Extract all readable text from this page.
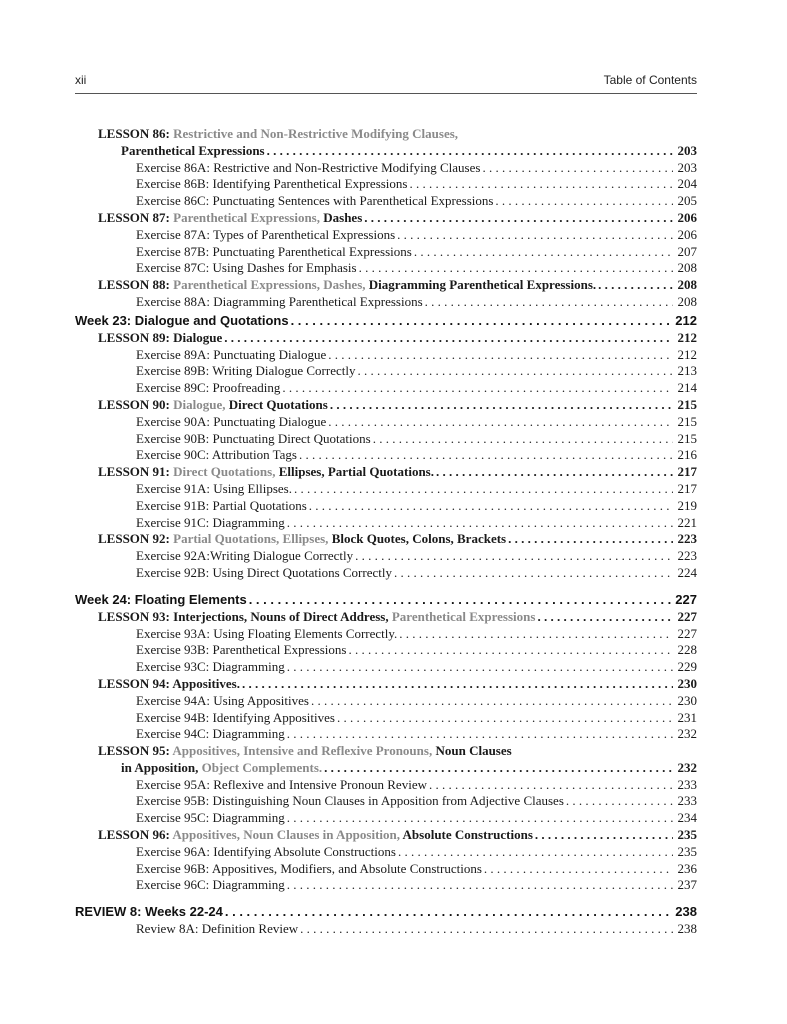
xii	Table of Contents
LESSON 86: Restrictive and Non-Restrictive Modifying Clauses,
Parenthetical Expressions . . .	203
Exercise 86A: Restrictive and Non-Restrictive Modifying Clauses . . .	203
Exercise 86B: Identifying Parenthetical Expressions . . .	204
Exercise 86C: Punctuating Sentences with Parenthetical Expressions . . .	205
LESSON 87: Parenthetical Expressions, Dashes . . .	206
Exercise 87A: Types of Parenthetical Expressions . . .	206
Exercise 87B: Punctuating Parenthetical Expressions . . .	207
Exercise 87C: Using Dashes for Emphasis . . .	208
LESSON 88: Parenthetical Expressions, Dashes, Diagramming Parenthetical Expressions. . . .	208
Exercise 88A: Diagramming Parenthetical Expressions . . .	208
Week 23: Dialogue and Quotations . . .	212
LESSON 89: Dialogue . . .	212
Exercise 89A: Punctuating Dialogue . . .	212
Exercise 89B: Writing Dialogue Correctly . . .	213
Exercise 89C: Proofreading . . .	214
LESSON 90: Dialogue, Direct Quotations . . .	215
Exercise 90A: Punctuating Dialogue . . .	215
Exercise 90B: Punctuating Direct Quotations . . .	215
Exercise 90C: Attribution Tags . . .	216
LESSON 91: Direct Quotations, Ellipses, Partial Quotations. . . .	217
Exercise 91A: Using Ellipses. . . .	217
Exercise 91B: Partial Quotations . . .	219
Exercise 91C: Diagramming . . .	221
LESSON 92: Partial Quotations, Ellipses, Block Quotes, Colons, Brackets . . .	223
Exercise 92A:Writing Dialogue Correctly . . .	223
Exercise 92B: Using Direct Quotations Correctly . . .	224
Week 24: Floating Elements . . .	227
LESSON 93: Interjections, Nouns of Direct Address, Parenthetical Expressions . . .	227
Exercise 93A: Using Floating Elements Correctly. . . .	227
Exercise 93B: Parenthetical Expressions . . .	228
Exercise 93C: Diagramming . . .	229
LESSON 94: Appositives. . . .	230
Exercise 94A: Using Appositives . . .	230
Exercise 94B: Identifying Appositives . . .	231
Exercise 94C: Diagramming . . .	232
LESSON 95: Appositives, Intensive and Reflexive Pronouns, Noun Clauses
in Apposition, Object Complements. . . .	232
Exercise 95A: Reflexive and Intensive Pronoun Review . . .	233
Exercise 95B: Distinguishing Noun Clauses in Apposition from Adjective Clauses . . .	233
Exercise 95C: Diagramming . . .	234
LESSON 96: Appositives, Noun Clauses in Apposition, Absolute Constructions . . .	235
Exercise 96A: Identifying Absolute Constructions . . .	235
Exercise 96B: Appositives, Modifiers, and Absolute Constructions . . .	236
Exercise 96C: Diagramming . . .	237
REVIEW 8: Weeks 22-24 . . .	238
Review 8A: Definition Review . . .	238
